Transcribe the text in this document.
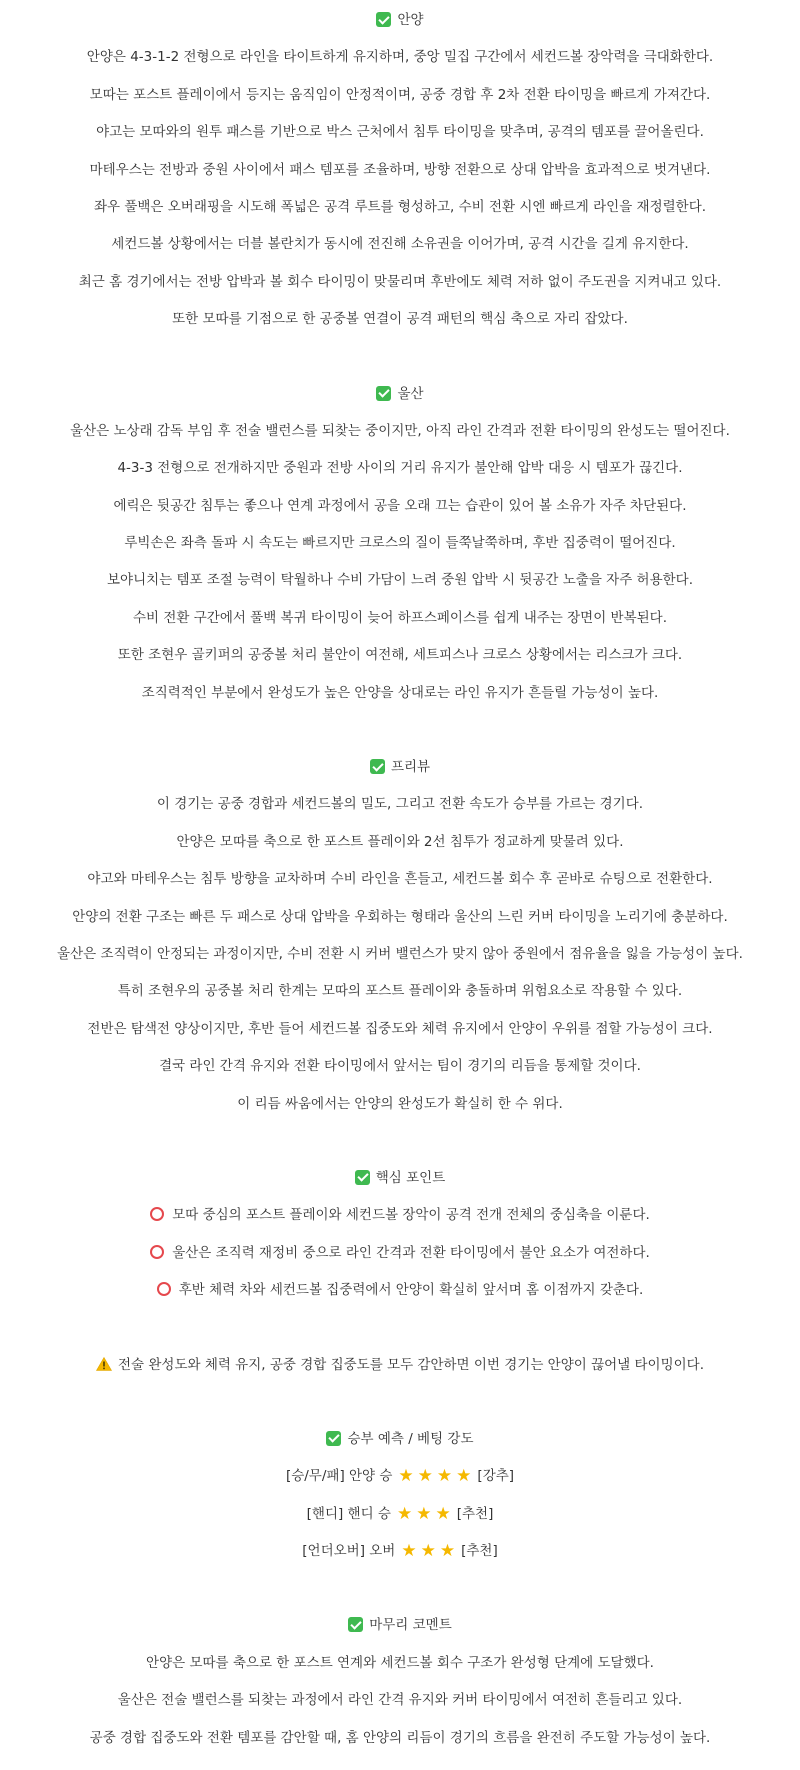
안양
안양은 4-3-1-2 전형으로 라인을 타이트하게 유지하며, 중앙 밀집 구간에서 세컨드볼 장악력을 극대화한다.
모따는 포스트 플레이에서 등지는 움직임이 안정적이며, 공중 경합 후 2차 전환 타이밍을 빠르게 가져간다.
야고는 모따와의 원투 패스를 기반으로 박스 근처에서 침투 타이밍을 맞추며, 공격의 템포를 끌어올린다.
마테우스는 전방과 중원 사이에서 패스 템포를 조율하며, 방향 전환으로 상대 압박을 효과적으로 벗겨낸다.
좌우 풀백은 오버래핑을 시도해 폭넓은 공격 루트를 형성하고, 수비 전환 시엔 빠르게 라인을 재정렬한다.
세컨드볼 상황에서는 더블 볼란치가 동시에 전진해 소유권을 이어가며, 공격 시간을 길게 유지한다.
최근 홈 경기에서는 전방 압박과 볼 회수 타이밍이 맞물리며 후반에도 체력 저하 없이 주도권을 지켜내고 있다.
또한 모따를 기점으로 한 공중볼 연결이 공격 패턴의 핵심 축으로 자리 잡았다.
울산
울산은 노상래 감독 부임 후 전술 밸런스를 되찾는 중이지만, 아직 라인 간격과 전환 타이밍의 완성도는 떨어진다.
4-3-3 전형으로 전개하지만 중원과 전방 사이의 거리 유지가 불안해 압박 대응 시 템포가 끊긴다.
에릭은 뒷공간 침투는 좋으나 연계 과정에서 공을 오래 끄는 습관이 있어 볼 소유가 자주 차단된다.
루빅손은 좌측 돌파 시 속도는 빠르지만 크로스의 질이 들쭉날쭉하며, 후반 집중력이 떨어진다.
보야니치는 템포 조절 능력이 탁월하나 수비 가담이 느려 중원 압박 시 뒷공간 노출을 자주 허용한다.
수비 전환 구간에서 풀백 복귀 타이밍이 늦어 하프스페이스를 쉽게 내주는 장면이 반복된다.
또한 조현우 골키퍼의 공중볼 처리 불안이 여전해, 세트피스나 크로스 상황에서는 리스크가 크다.
조직력적인 부분에서 완성도가 높은 안양을 상대로는 라인 유지가 흔들릴 가능성이 높다.
프리뷰
이 경기는 공중 경합과 세컨드볼의 밀도, 그리고 전환 속도가 승부를 가르는 경기다.
안양은 모따를 축으로 한 포스트 플레이와 2선 침투가 정교하게 맞물려 있다.
야고와 마테우스는 침투 방향을 교차하며 수비 라인을 흔들고, 세컨드볼 회수 후 곧바로 슈팅으로 전환한다.
안양의 전환 구조는 빠른 두 패스로 상대 압박을 우회하는 형태라 울산의 느린 커버 타이밍을 노리기에 충분하다.
울산은 조직력이 안정되는 과정이지만, 수비 전환 시 커버 밸런스가 맞지 않아 중원에서 점유율을 잃을 가능성이 높다.
특히 조현우의 공중볼 처리 한계는 모따의 포스트 플레이와 충돌하며 위험요소로 작용할 수 있다.
전반은 탐색전 양상이지만, 후반 들어 세컨드볼 집중도와 체력 유지에서 안양이 우위를 점할 가능성이 크다.
결국 라인 간격 유지와 전환 타이밍에서 앞서는 팀이 경기의 리듬을 통제할 것이다.
이 리듬 싸움에서는 안양의 완성도가 확실히 한 수 위다.
핵심 포인트
모따 중심의 포스트 플레이와 세컨드볼 장악이 공격 전개 전체의 중심축을 이룬다.
울산은 조직력 재정비 중으로 라인 간격과 전환 타이밍에서 불안 요소가 여전하다.
후반 체력 차와 세컨드볼 집중력에서 안양이 확실히 앞서며 홈 이점까지 갖춘다.
전술 완성도와 체력 유지, 공중 경합 집중도를 모두 감안하면 이번 경기는 안양이 끊어낼 타이밍이다.
승부 예측 / 베팅 강도
[승/무/패] 안양 승 ★ ★ ★ ★ [강추]
[핸디] 핸디 승 ★ ★ ★ [추천]
[언더오버] 오버 ★ ★ ★ [추천]
마무리 코멘트
안양은 모따를 축으로 한 포스트 연계와 세컨드볼 회수 구조가 완성형 단계에 도달했다.
울산은 전술 밸런스를 되찾는 과정에서 라인 간격 유지와 커버 타이밍에서 여전히 흔들리고 있다.
공중 경합 집중도와 전환 템포를 감안할 때, 홈 안양의 리듬이 경기의 흐름을 완전히 주도할 가능성이 높다.
